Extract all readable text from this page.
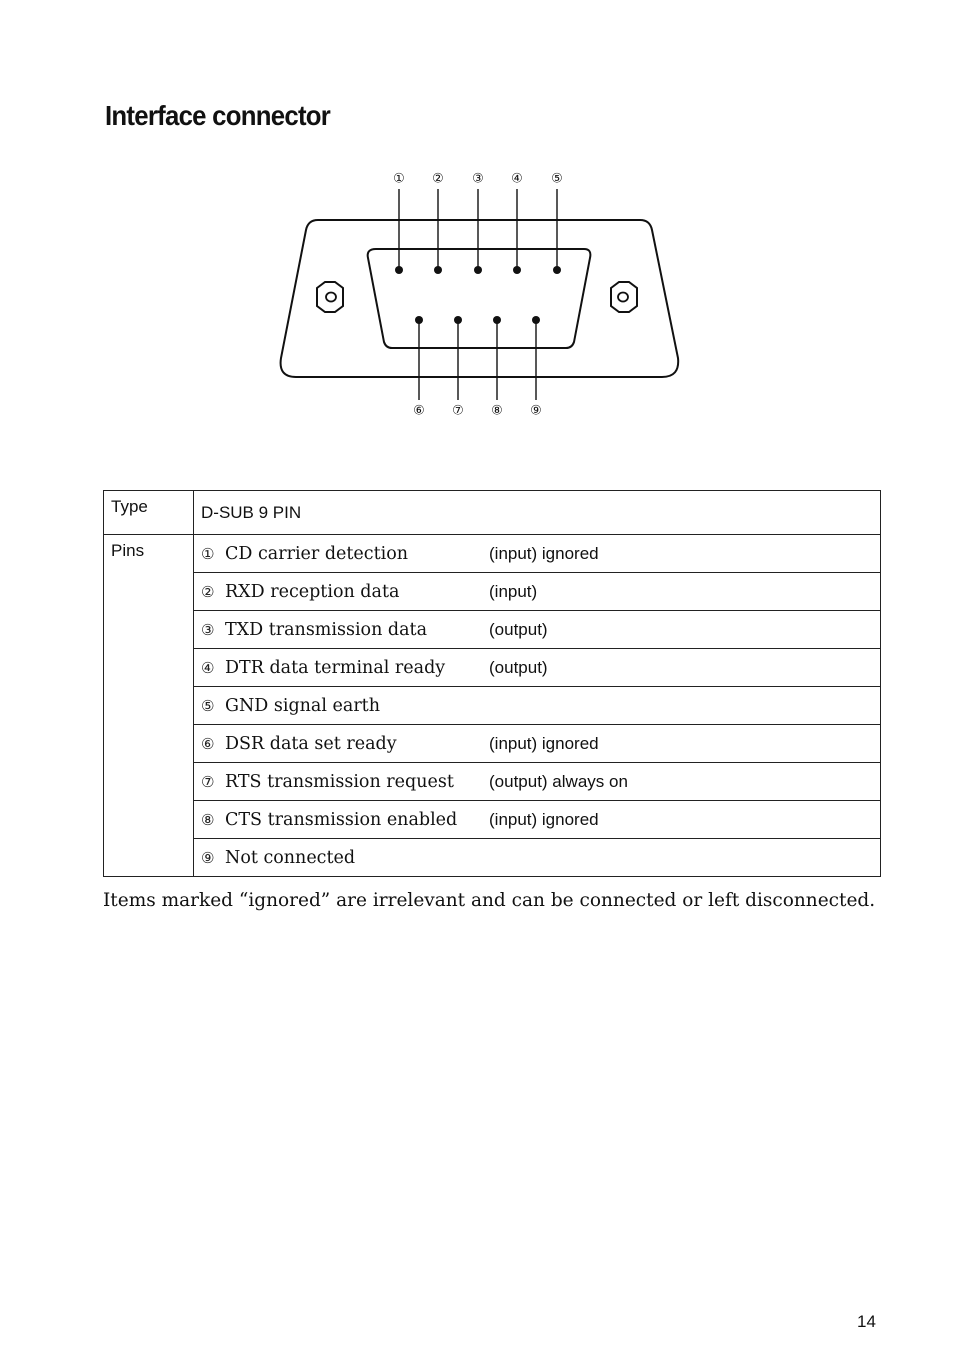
Interface connector
① ② ③ ④ ⑤
⑥ ⑦ ⑧ ⑨
Type	D-SUB 9 PIN
Pins	① CD carrier detection (input) ignored
	② RXD reception data (input)
	③ TXD transmission data (output)
	④ DTR data terminal ready (output)
	⑤ GND signal earth
	⑥ DSR data set ready (input) ignored
	⑦ RTS transmission request (output) always on
	⑧ CTS transmission enabled (input) ignored
	⑨ Not connected

Items marked “ignored” are irrelevant and can be connected or left disconnected.

14
